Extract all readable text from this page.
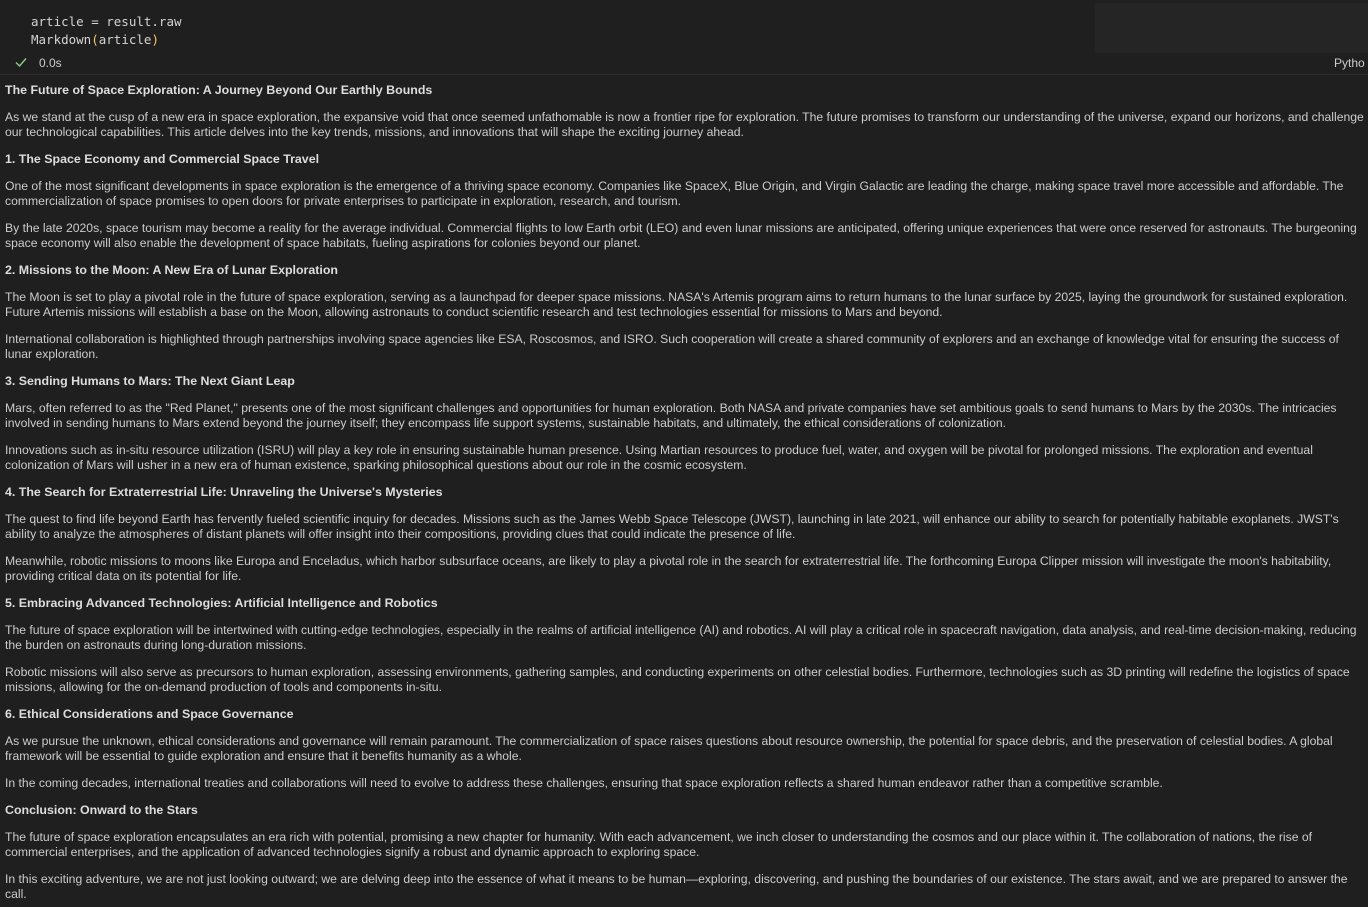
article = result.raw
Markdown(article)
0.0s	Pytho
The Future of Space Exploration: A Journey Beyond Our Earthly Bounds

As we stand at the cusp of a new era in space exploration, the expansive void that once seemed unfathomable is now a frontier ripe for exploration. The future promises to transform our understanding of the universe, expand our horizons, and challenge our technological capabilities. This article delves into the key trends, missions, and innovations that will shape the exciting journey ahead.

1. The Space Economy and Commercial Space Travel

One of the most significant developments in space exploration is the emergence of a thriving space economy. Companies like SpaceX, Blue Origin, and Virgin Galactic are leading the charge, making space travel more accessible and affordable. The commercialization of space promises to open doors for private enterprises to participate in exploration, research, and tourism.

By the late 2020s, space tourism may become a reality for the average individual. Commercial flights to low Earth orbit (LEO) and even lunar missions are anticipated, offering unique experiences that were once reserved for astronauts. The burgeoning space economy will also enable the development of space habitats, fueling aspirations for colonies beyond our planet.

2. Missions to the Moon: A New Era of Lunar Exploration

The Moon is set to play a pivotal role in the future of space exploration, serving as a launchpad for deeper space missions. NASA's Artemis program aims to return humans to the lunar surface by 2025, laying the groundwork for sustained exploration. Future Artemis missions will establish a base on the Moon, allowing astronauts to conduct scientific research and test technologies essential for missions to Mars and beyond.

International collaboration is highlighted through partnerships involving space agencies like ESA, Roscosmos, and ISRO. Such cooperation will create a shared community of explorers and an exchange of knowledge vital for ensuring the success of lunar exploration.

3. Sending Humans to Mars: The Next Giant Leap

Mars, often referred to as the "Red Planet," presents one of the most significant challenges and opportunities for human exploration. Both NASA and private companies have set ambitious goals to send humans to Mars by the 2030s. The intricacies involved in sending humans to Mars extend beyond the journey itself; they encompass life support systems, sustainable habitats, and ultimately, the ethical considerations of colonization.

Innovations such as in-situ resource utilization (ISRU) will play a key role in ensuring sustainable human presence. Using Martian resources to produce fuel, water, and oxygen will be pivotal for prolonged missions. The exploration and eventual colonization of Mars will usher in a new era of human existence, sparking philosophical questions about our role in the cosmic ecosystem.

4. The Search for Extraterrestrial Life: Unraveling the Universe's Mysteries

The quest to find life beyond Earth has fervently fueled scientific inquiry for decades. Missions such as the James Webb Space Telescope (JWST), launching in late 2021, will enhance our ability to search for potentially habitable exoplanets. JWST's ability to analyze the atmospheres of distant planets will offer insight into their compositions, providing clues that could indicate the presence of life.

Meanwhile, robotic missions to moons like Europa and Enceladus, which harbor subsurface oceans, are likely to play a pivotal role in the search for extraterrestrial life. The forthcoming Europa Clipper mission will investigate the moon's habitability, providing critical data on its potential for life.

5. Embracing Advanced Technologies: Artificial Intelligence and Robotics

The future of space exploration will be intertwined with cutting-edge technologies, especially in the realms of artificial intelligence (AI) and robotics. AI will play a critical role in spacecraft navigation, data analysis, and real-time decision-making, reducing the burden on astronauts during long-duration missions.

Robotic missions will also serve as precursors to human exploration, assessing environments, gathering samples, and conducting experiments on other celestial bodies. Furthermore, technologies such as 3D printing will redefine the logistics of space missions, allowing for the on-demand production of tools and components in-situ.

6. Ethical Considerations and Space Governance

As we pursue the unknown, ethical considerations and governance will remain paramount. The commercialization of space raises questions about resource ownership, the potential for space debris, and the preservation of celestial bodies. A global framework will be essential to guide exploration and ensure that it benefits humanity as a whole.

In the coming decades, international treaties and collaborations will need to evolve to address these challenges, ensuring that space exploration reflects a shared human endeavor rather than a competitive scramble.

Conclusion: Onward to the Stars

The future of space exploration encapsulates an era rich with potential, promising a new chapter for humanity. With each advancement, we inch closer to understanding the cosmos and our place within it. The collaboration of nations, the rise of commercial enterprises, and the application of advanced technologies signify a robust and dynamic approach to exploring space.

In this exciting adventure, we are not just looking outward; we are delving deep into the essence of what it means to be human—exploring, discovering, and pushing the boundaries of our existence. The stars await, and we are prepared to answer the call.
